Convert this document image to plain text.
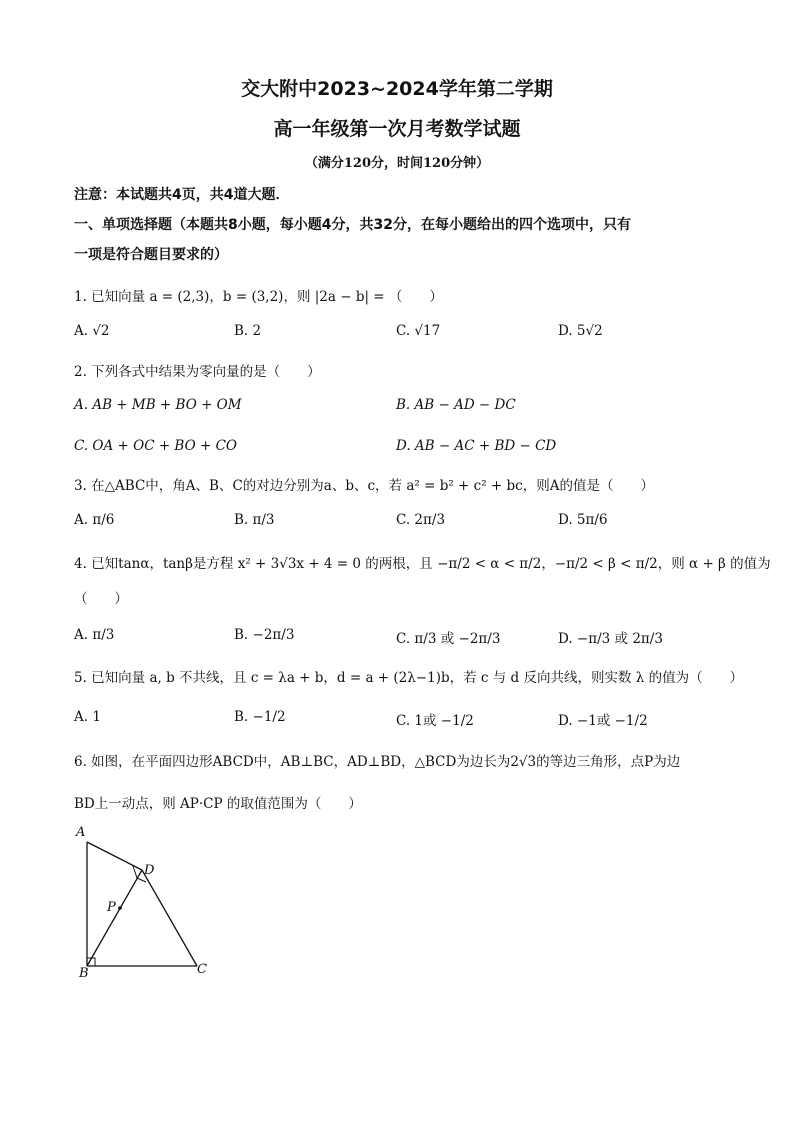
交大附中2023~2024学年第二学期
高一年级第一次月考数学试题
（满分120分，时间120分钟）
注意：本试题共4页，共4道大题．
一、单项选择题（本题共8小题，每小题4分，共32分，在每小题给出的四个选项中，只有
一项是符合题目要求的）
1. 已知向量 a = (2,3)，b = (3,2)，则 |2a − b| = （　　）
A. √2	B. 2	C. √17	D. 5√2
2. 下列各式中结果为零向量的是（　　）
A. AB + MB + BO + OM	B. AB − AD − DC
C. OA + OC + BO + CO	D. AB − AC + BD − CD
3. 在△ABC中，角A、B、C的对边分别为a、b、c，若 a² = b² + c² + bc，则A的值是（　　）
A. π/6	B. π/3	C. 2π/3	D. 5π/6
4. 已知tanα，tanβ是方程 x² + 3√3x + 4 = 0 的两根，且 −π/2 < α < π/2，−π/2 < β < π/2，则 α + β 的值为
（　　）
A. π/3	B. −2π/3	C. π/3 或 −2π/3	D. −π/3 或 2π/3
5. 已知向量 a, b 不共线，且 c = λa + b，d = a + (2λ−1)b，若 c 与 d 反向共线，则实数 λ 的值为（　　）
A. 1	B. −1/2	C. 1或 −1/2	D. −1或 −1/2
6. 如图，在平面四边形ABCD中，AB⊥BC，AD⊥BD，△BCD为边长为2√3的等边三角形，点P为边
BD上一动点，则 AP·CP 的取值范围为（　　）
A
B	C
D
P
